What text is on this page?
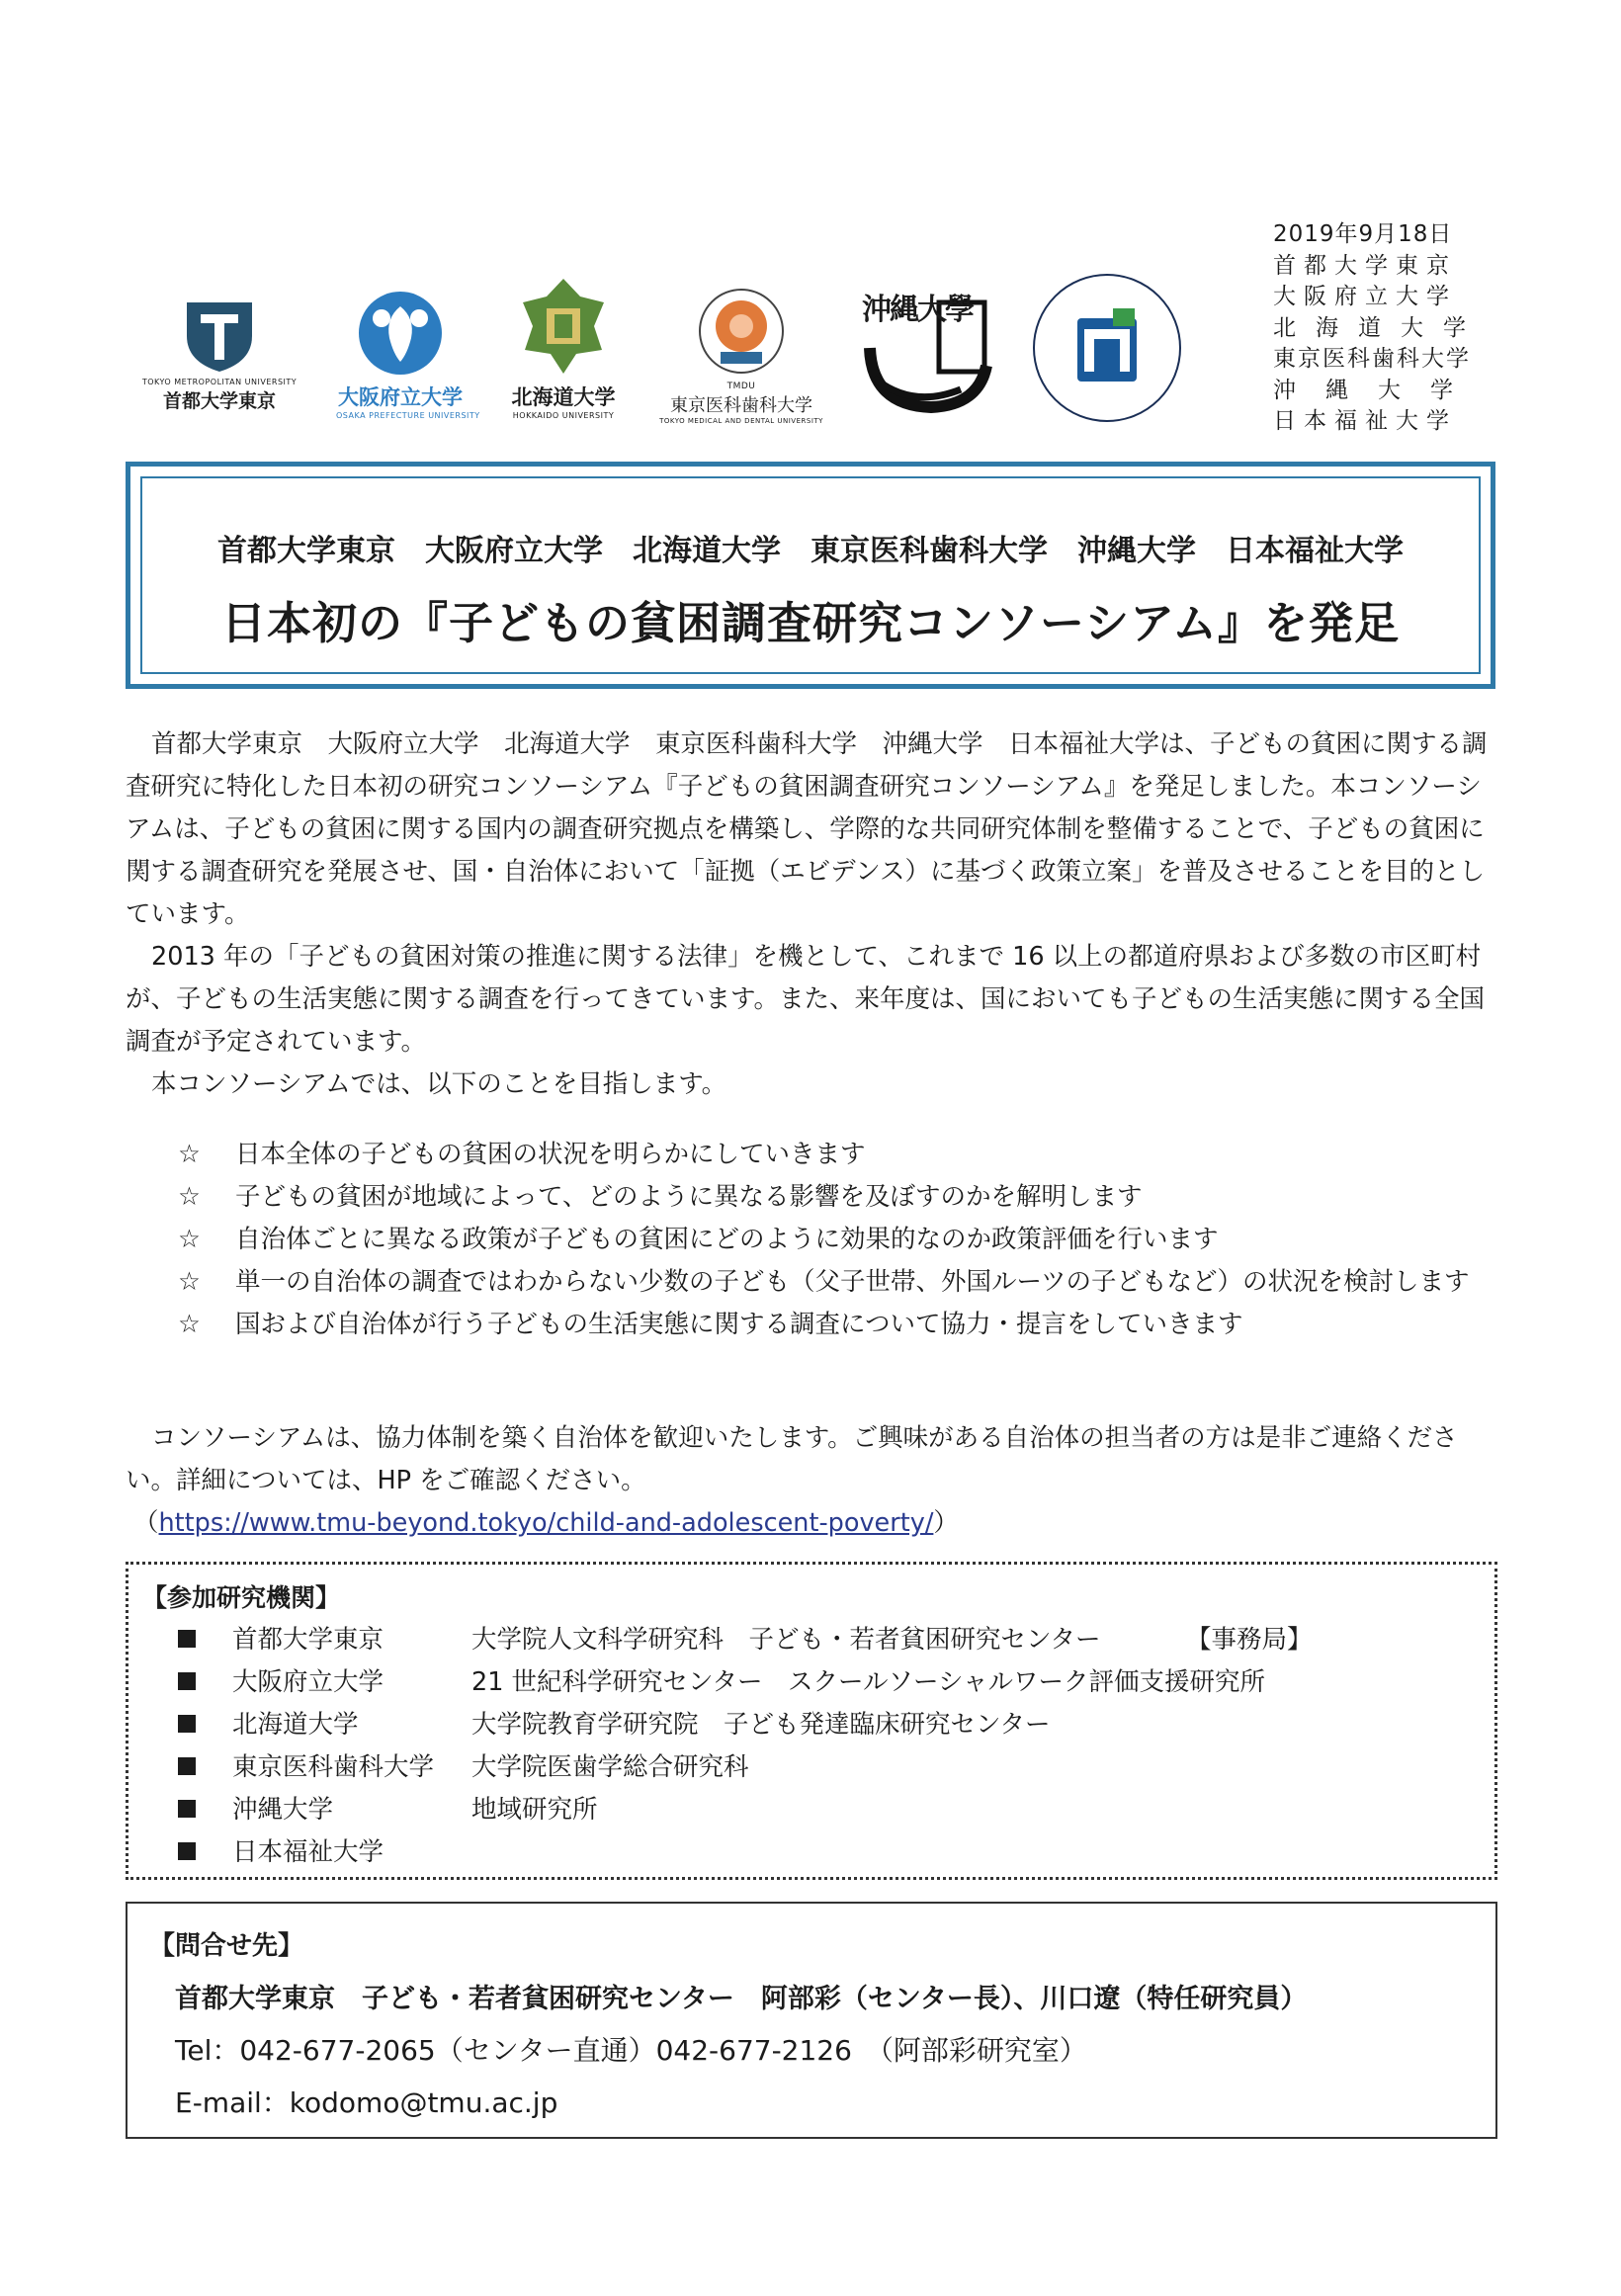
2019年9月18日
首都大学東京
大阪府立大学
北海道大学
東京医科歯科大学
沖縄大学
日本福祉大学
TOKYO METROPOLITAN UNIVERSITY
首都大学東京	大阪府立大学
OSAKA PREFECTURE UNIVERSITY
北海道大学
HOKKAIDO UNIVERSITY
TMDU
東京医科歯科大学
TOKYO MEDICAL AND DENTAL UNIVERSITY
沖縄大學
首都大学東京　大阪府立大学　北海道大学　東京医科歯科大学　沖縄大学　日本福祉大学
日本初の『子どもの貧困調査研究コンソーシアム』を発足

首都大学東京　大阪府立大学　北海道大学　東京医科歯科大学　沖縄大学　日本福祉大学は、子どもの貧困に関する調査研究に特化した日本初の研究コンソーシアム『子どもの貧困調査研究コンソーシアム』を発足しました。本コンソーシアムは、子どもの貧困に関する国内の調査研究拠点を構築し、学際的な共同研究体制を整備することで、子どもの貧困に関する調査研究を発展させ、国・自治体において「証拠（エビデンス）に基づく政策立案」を普及させることを目的としています。

2013 年の「子どもの貧困対策の推進に関する法律」を機として、これまで 16 以上の都道府県および多数の市区町村が、子どもの生活実態に関する調査を行ってきています。また、来年度は、国においても子どもの生活実態に関する全国調査が予定されています。

本コンソーシアムでは、以下のことを目指します。

☆	日本全体の子どもの貧困の状況を明らかにしていきます
☆	子どもの貧困が地域によって、どのように異なる影響を及ぼすのかを解明します
☆	自治体ごとに異なる政策が子どもの貧困にどのように効果的なのか政策評価を行います
☆	単一の自治体の調査ではわからない少数の子ども（父子世帯、外国ルーツの子どもなど）の状況を検討します
☆	国および自治体が行う子どもの生活実態に関する調査について協力・提言をしていきます

コンソーシアムは、協力体制を築く自治体を歓迎いたします。ご興味がある自治体の担当者の方は是非ご連絡ください。詳細については、HP をご確認ください。

（https://www.tmu-beyond.tokyo/child-and-adolescent-poverty/）
【参加研究機関】
首都大学東京	大学院人文科学研究科　子ども・若者貧困研究センター	【事務局】
大阪府立大学	21 世紀科学研究センター　スクールソーシャルワーク評価支援研究所
北海道大学	大学院教育学研究院　子ども発達臨床研究センター
東京医科歯科大学 大学院医歯学総合研究科
沖縄大学	地域研究所
日本福祉大学
【問合せ先】
首都大学東京　子ども・若者貧困研究センター　阿部彩（センター長）、川口遼（特任研究員）
Tel：042-677-2065（センター直通）042-677-2126　（阿部彩研究室）
E-mail：kodomo@tmu.ac.jp
